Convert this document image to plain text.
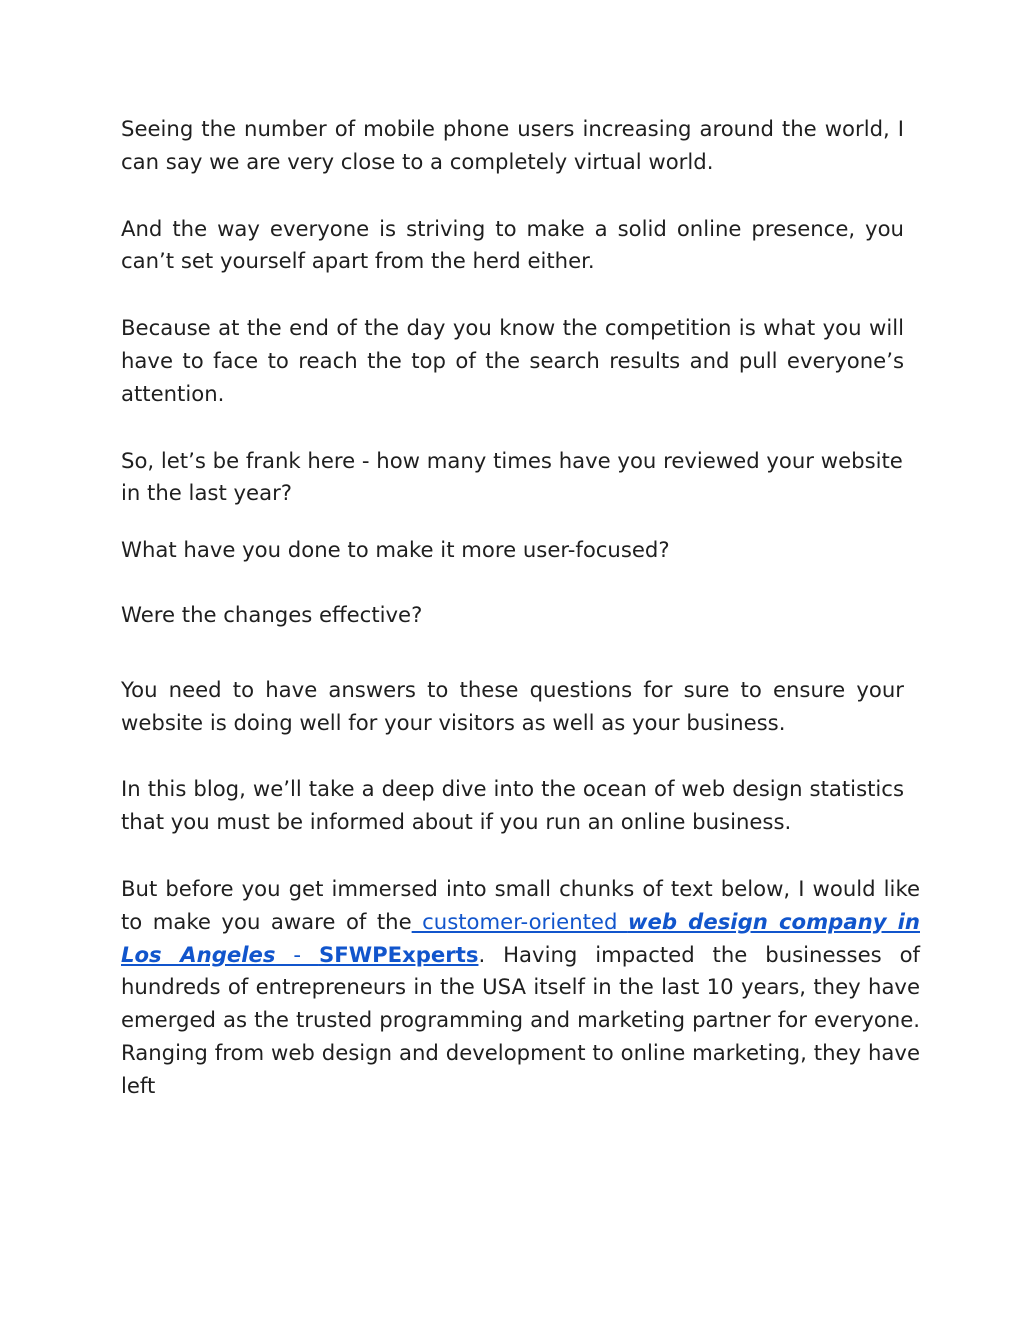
Seeing the number of mobile phone users increasing around the world, I can say we are very close to a completely virtual world.

And the way everyone is striving to make a solid online presence, you can’t set yourself apart from the herd either.

Because at the end of the day you know the competition is what you will have to face to reach the top of the search results and pull everyone’s attention.

So, let’s be frank here - how many times have you reviewed your website in the last year?

What have you done to make it more user-focused?

Were the changes effective?

You need to have answers to these questions for sure to ensure your website is doing well for your visitors as well as your business.

In this blog, we’ll take a deep dive into the ocean of web design statistics that you must be informed about if you run an online business.

But before you get immersed into small chunks of text below, I would like to make you aware of the customer-oriented web design company in Los Angeles - SFWPExperts. Having impacted the businesses of hundreds of entrepreneurs in the USA itself in the last 10 years, they have emerged as the trusted programming and marketing partner for everyone. Ranging from web design and development to online marketing, they have left
